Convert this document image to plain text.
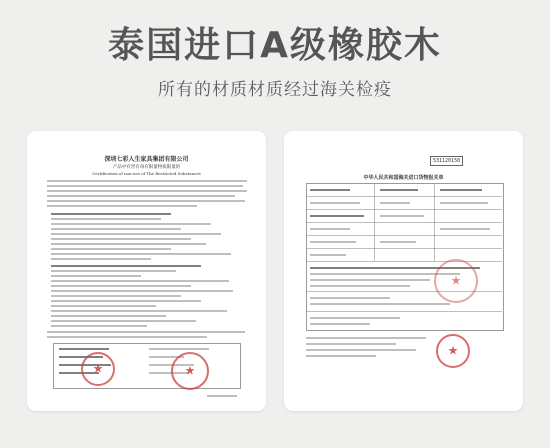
泰国进口A级橡胶木
所有的材质材质经过海关检疫
深圳七彩人生家具集团有限公司
产品中有害有毒有限量物质限量的
Certification of non-use of The Restricted Substances
★	★
中华人民共和国海关进口货物报关单
531120150
★
★
